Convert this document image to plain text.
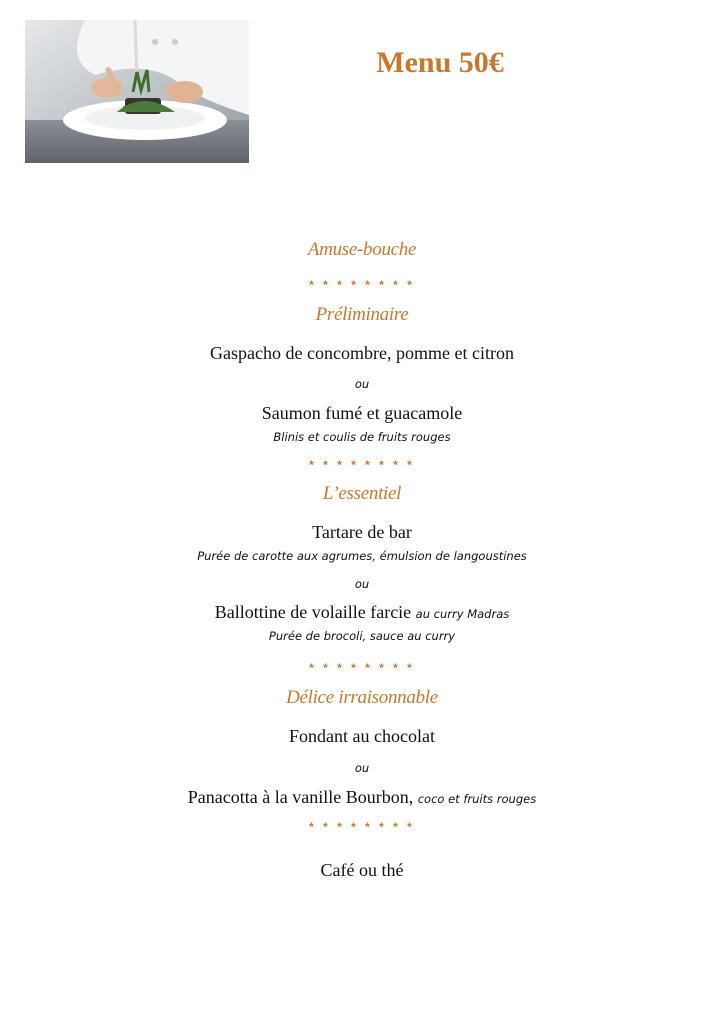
Menu 50€
Amuse-bouche
* * * * * * * *
Préliminaire
Gaspacho de concombre, pomme et citron
ou
Saumon fumé et guacamole
Blinis et coulis de fruits rouges
* * * * * * * *
L’essentiel
Tartare de bar
Purée de carotte aux agrumes, émulsion de langoustines
ou
Ballottine de volaille farcie au curry Madras
Purée de brocoli, sauce au curry
* * * * * * * *
Délice irraisonnable
Fondant au chocolat
ou
Panacotta à la vanille Bourbon, coco et fruits rouges
* * * * * * * *
Café ou thé
